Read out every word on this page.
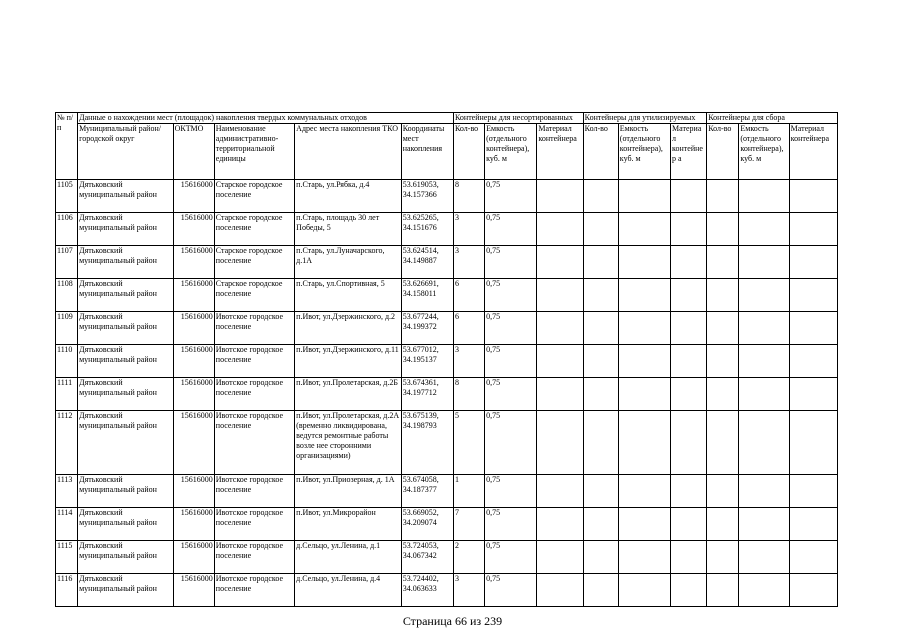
№ п/п	Данные о нахождении мест (площадок) накопления твердых коммунальных отходов					Контейнеры для несортированных			Контейнеры для утилизируемых			Контейнеры для сбора		
	Муниципальный район/городской округ	ОКТМО	Наименование административно-территориальной единицы	Адрес места накопления ТКО	Координаты мест накопления	Кол-во	Емкость (отдельного контейнера), куб. м	Материал контейнера	Кол-во	Емкость (отдельного контейнера), куб. м	Материал контейнер а	Кол-во	Емкость (отдельного контейнера), куб. м	Материал контейнера
1105	Дятьковский муниципальный район	15616000	Старское городское поселение	п.Старь, ул.Рябка, д.4	53.619053, 34.157366	8	0,75							
1106	Дятьковский муниципальный район	15616000	Старское городское поселение	п.Старь, площадь 30 лет Победы, 5	53.625265, 34.151676	3	0,75							
1107	Дятьковский муниципальный район	15616000	Старское городское поселение	п.Старь, ул.Луначарского, д.1А	53.624514, 34.149887	3	0,75							
1108	Дятьковский муниципальный район	15616000	Старское городское поселение	п.Старь, ул.Спортивная, 5	53.626691, 34.158011	6	0,75							
1109	Дятьковский муниципальный район	15616000	Ивотское городское поселение	п.Ивот, ул.Дзержинского, д.2	53.677244, 34.199372	6	0,75							
1110	Дятьковский муниципальный район	15616000	Ивотское городское поселение	п.Ивот, ул.Дзержинского, д.11	53.677012, 34.195137	3	0,75							
1111	Дятьковский муниципальный район	15616000	Ивотское городское поселение	п.Ивот, ул.Пролетарская, д.2Б	53.674361, 34.197712	8	0,75							
1112	Дятьковский муниципальный район	15616000	Ивотское городское поселение	п.Ивот, ул.Пролетарская, д.2А (временно ликвидирована, ведутся ремонтные работы возле нее сторонними организациями)	53.675139, 34.198793	5	0,75							
1113	Дятьковский муниципальный район	15616000	Ивотское городское поселение	п.Ивот, ул.Приозерная, д. 1А	53.674058, 34.187377	1	0,75							
1114	Дятьковский муниципальный район	15616000	Ивотское городское поселение	п.Ивот, ул.Микрорайон	53.669052, 34.209074	7	0,75							
1115	Дятьковский муниципальный район	15616000	Ивотское городское поселение	д.Сельцо, ул.Ленина, д.1	53.724053, 34.067342	2	0,75							
1116	Дятьковский муниципальный район	15616000	Ивотское городское поселение	д.Сельцо, ул.Ленина, д.4	53.724402, 34.063633	3	0,75							
Страница 66 из 239
